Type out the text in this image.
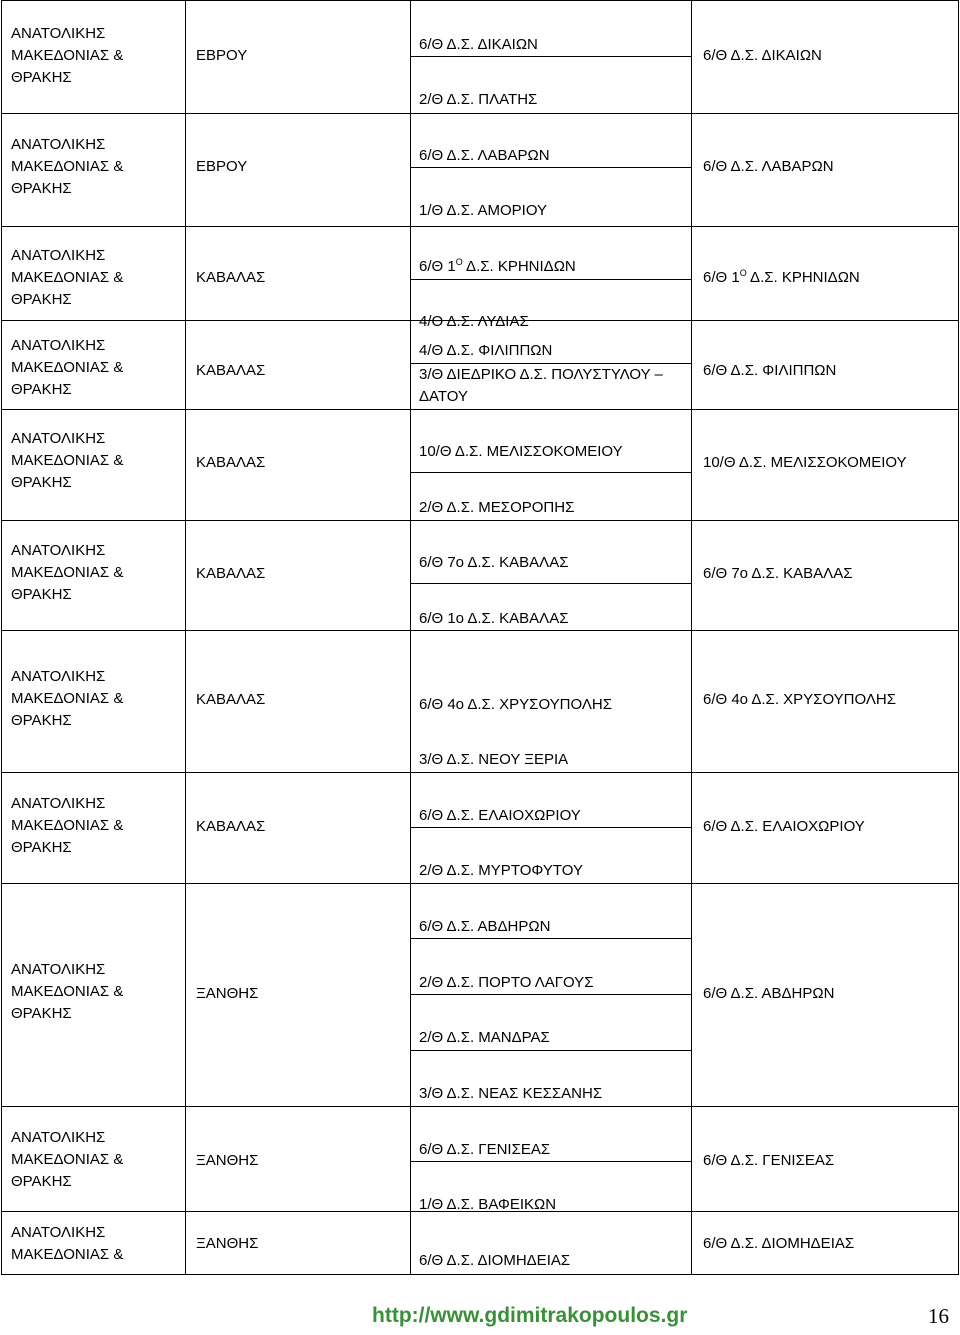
ΑΝΑΤΟΛΙΚΗΣ
ΜΑΚΕΔΟΝΙΑΣ &
ΘΡΑΚΗΣ
ΕΒΡΟΥ
6/Θ Δ.Σ. ΔΙΚΑΙΩΝ
2/Θ Δ.Σ. ΠΛΑΤΗΣ
6/Θ Δ.Σ. ΔΙΚΑΙΩΝ
ΑΝΑΤΟΛΙΚΗΣ
ΜΑΚΕΔΟΝΙΑΣ &
ΘΡΑΚΗΣ
ΕΒΡΟΥ
6/Θ Δ.Σ. ΛΑΒΑΡΩΝ
1/Θ Δ.Σ. ΑΜΟΡΙΟΥ
6/Θ Δ.Σ. ΛΑΒΑΡΩΝ
ΑΝΑΤΟΛΙΚΗΣ
ΜΑΚΕΔΟΝΙΑΣ &
ΘΡΑΚΗΣ
ΚΑΒΑΛΑΣ
6/Θ $1^O$ Δ.Σ. ΚΡΗΝΙΔΩΝ
4/Θ Δ.Σ. ΛΥΔΙΑΣ
6/Θ $1^O$ Δ.Σ. ΚΡΗΝΙΔΩΝ
ΑΝΑΤΟΛΙΚΗΣ
ΜΑΚΕΔΟΝΙΑΣ &
ΘΡΑΚΗΣ
ΚΑΒΑΛΑΣ
4/Θ Δ.Σ. ΦΙΛΙΠΠΩΝ
3/Θ ΔΙΕΔΡΙΚΟ Δ.Σ. ΠΟΛΥΣΤΥΛΟΥ –
ΔΑΤΟΥ
6/Θ Δ.Σ. ΦΙΛΙΠΠΩΝ
ΑΝΑΤΟΛΙΚΗΣ
ΜΑΚΕΔΟΝΙΑΣ &
ΘΡΑΚΗΣ
ΚΑΒΑΛΑΣ
10/Θ Δ.Σ. ΜΕΛΙΣΣΟΚΟΜΕΙΟΥ
2/Θ Δ.Σ. ΜΕΣΟΡΟΠΗΣ
10/Θ Δ.Σ. ΜΕΛΙΣΣΟΚΟΜΕΙΟΥ
ΑΝΑΤΟΛΙΚΗΣ
ΜΑΚΕΔΟΝΙΑΣ &
ΘΡΑΚΗΣ
ΚΑΒΑΛΑΣ
6/Θ 7ο Δ.Σ. ΚΑΒΑΛΑΣ
6/Θ 1ο Δ.Σ. ΚΑΒΑΛΑΣ
6/Θ 7ο Δ.Σ. ΚΑΒΑΛΑΣ
ΑΝΑΤΟΛΙΚΗΣ
ΜΑΚΕΔΟΝΙΑΣ &
ΘΡΑΚΗΣ
ΚΑΒΑΛΑΣ	6/Θ 4ο Δ.Σ. ΧΡΥΣΟΥΠΟΛΗΣ
3/Θ Δ.Σ. ΝΕΟΥ ΞΕΡΙΑ
6/Θ 4ο Δ.Σ. ΧΡΥΣΟΥΠΟΛΗΣ
ΑΝΑΤΟΛΙΚΗΣ
ΜΑΚΕΔΟΝΙΑΣ &
ΘΡΑΚΗΣ
ΚΑΒΑΛΑΣ
6/Θ Δ.Σ. ΕΛΑΙΟΧΩΡΙΟΥ
2/Θ Δ.Σ. ΜΥΡΤΟΦΥΤΟΥ
6/Θ Δ.Σ. ΕΛΑΙΟΧΩΡΙΟΥ
ΑΝΑΤΟΛΙΚΗΣ
ΜΑΚΕΔΟΝΙΑΣ &
ΘΡΑΚΗΣ
ΞΑΝΘΗΣ
6/Θ Δ.Σ. ΑΒΔΗΡΩΝ
2/Θ Δ.Σ. ΠΟΡΤΟ ΛΑΓΟΥΣ
2/Θ Δ.Σ. ΜΑΝΔΡΑΣ
3/Θ Δ.Σ. ΝΕΑΣ ΚΕΣΣΑΝΗΣ
6/Θ Δ.Σ. ΑΒΔΗΡΩΝ
ΑΝΑΤΟΛΙΚΗΣ
ΜΑΚΕΔΟΝΙΑΣ &
ΘΡΑΚΗΣ
ΞΑΝΘΗΣ
6/Θ Δ.Σ. ΓΕΝΙΣΕΑΣ
1/Θ Δ.Σ. ΒΑΦΕΙΚΩΝ
6/Θ Δ.Σ. ΓΕΝΙΣΕΑΣ
ΑΝΑΤΟΛΙΚΗΣ
ΜΑΚΕΔΟΝΙΑΣ &
ΞΑΝΘΗΣ
6/Θ Δ.Σ. ΔΙΟΜΗΔΕΙΑΣ
6/Θ Δ.Σ. ΔΙΟΜΗΔΕΙΑΣ
http://www.gdimitrakopoulos.gr	16
